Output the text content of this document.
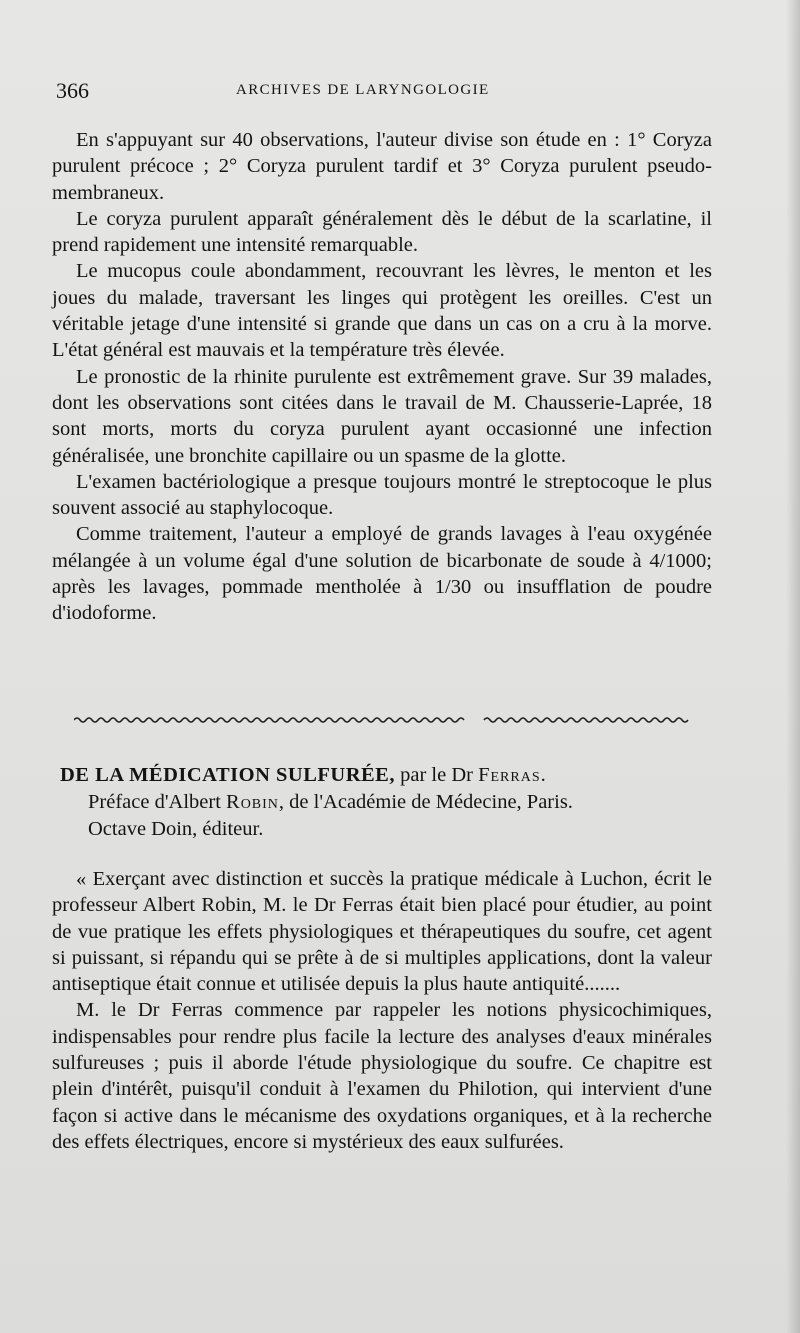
366	ARCHIVES DE LARYNGOLOGIE

En s'appuyant sur 40 observations, l'auteur divise son étude en : 1° Coryza purulent précoce ; 2° Coryza purulent tardif et 3° Coryza purulent pseudo-membraneux.

Le coryza purulent apparaît généralement dès le début de la scarlatine, il prend rapidement une intensité remarquable.

Le mucopus coule abondamment, recouvrant les lèvres, le menton et les joues du malade, traversant les linges qui protègent les oreilles. C'est un véritable jetage d'une intensité si grande que dans un cas on a cru à la morve. L'état général est mauvais et la température très élevée.

Le pronostic de la rhinite purulente est extrêmement grave. Sur 39 malades, dont les observations sont citées dans le travail de M. Chausserie-Laprée, 18 sont morts, morts du coryza purulent ayant occasionné une infection généralisée, une bronchite capillaire ou un spasme de la glotte.

L'examen bactériologique a presque toujours montré le streptocoque le plus souvent associé au staphylocoque.

Comme traitement, l'auteur a employé de grands lavages à l'eau oxygénée mélangée à un volume égal d'une solution de bicarbonate de soude à 4/1000; après les lavages, pommade mentholée à 1/30 ou insufflation de poudre d'iodoforme.

DE LA MÉDICATION SULFURÉE, par le Dr Ferras.
Préface d'Albert Robin, de l'Académie de Médecine, Paris.
Octave Doin, éditeur.

« Exerçant avec distinction et succès la pratique médicale à Luchon, écrit le professeur Albert Robin, M. le Dr Ferras était bien placé pour étudier, au point de vue pratique les effets physiologiques et thérapeutiques du soufre, cet agent si puissant, si répandu qui se prête à de si multiples applications, dont la valeur antiseptique était connue et utilisée depuis la plus haute antiquité.......

M. le Dr Ferras commence par rappeler les notions physicochimiques, indispensables pour rendre plus facile la lecture des analyses d'eaux minérales sulfureuses ; puis il aborde l'étude physiologique du soufre. Ce chapitre est plein d'intérêt, puisqu'il conduit à l'examen du Philotion, qui intervient d'une façon si active dans le mécanisme des oxydations organiques, et à la recherche des effets électriques, encore si mystérieux des eaux sulfurées.
